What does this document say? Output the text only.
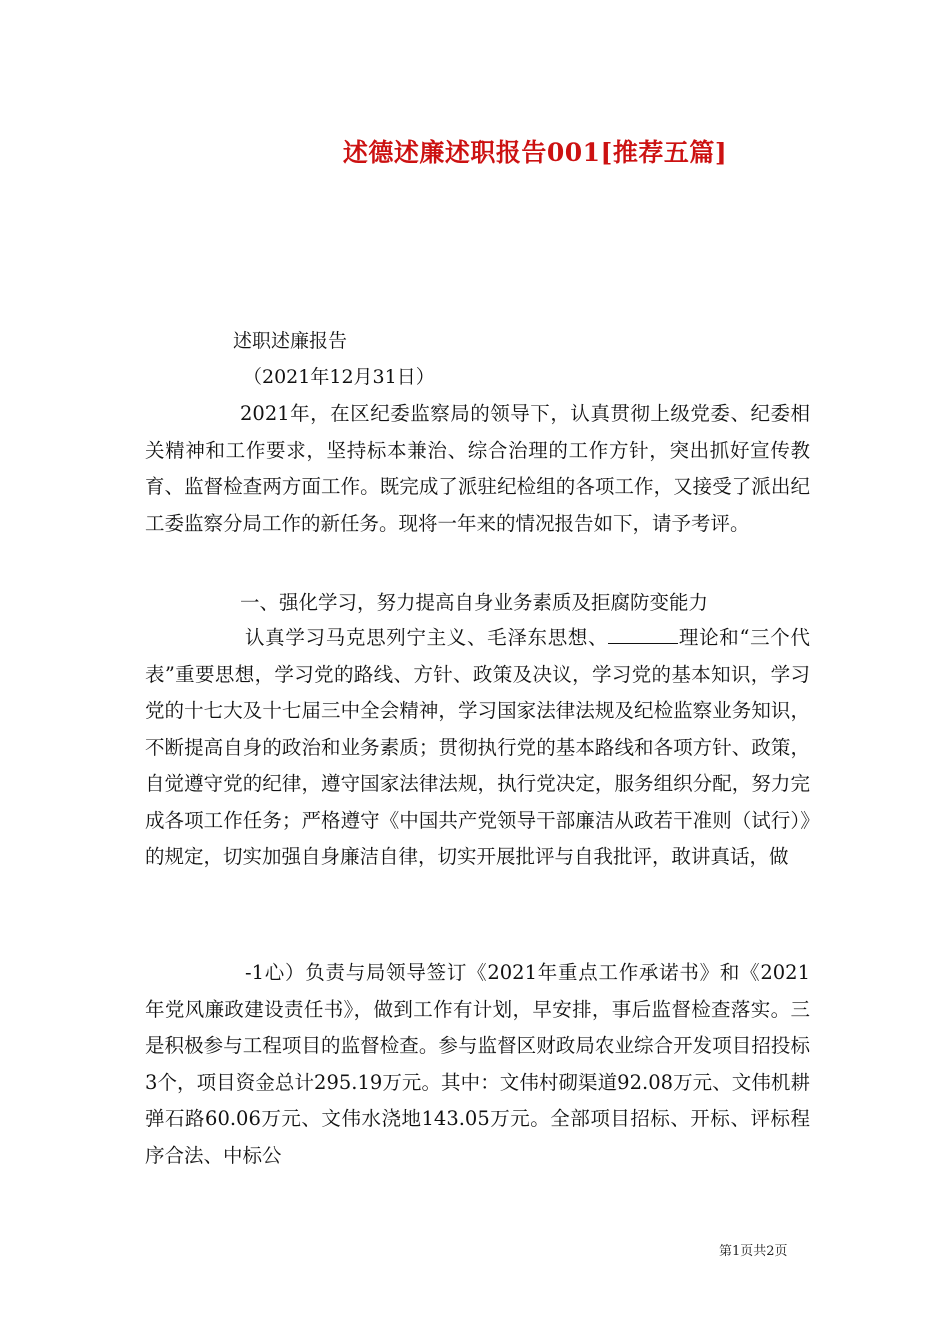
述德述廉述职报告001[推荐五篇]
述职述廉报告
（2021年12月31日）
2021年，在区纪委监察局的领导下，认真贯彻上级党委、纪委相关精神和工作要求，坚持标本兼治、综合治理的工作方针，突出抓好宣传教育、监督检查两方面工作。既完成了派驻纪检组的各项工作，又接受了派出纪工委监察分局工作的新任务。现将一年来的情况报告如下，请予考评。
一、强化学习，努力提高自身业务素质及拒腐防变能力
认真学习马克思列宁主义、毛泽东思想、	理论和“三个代表”重要思想，学习党的路线、方针、政策及决议，学习党的基本知识，学习党的十七大及十七届三中全会精神，学习国家法律法规及纪检监察业务知识，不断提高自身的政治和业务素质；贯彻执行党的基本路线和各项方针、政策，自觉遵守党的纪律，遵守国家法律法规，执行党决定，服务组织分配，努力完成各项工作任务；严格遵守《中国共产党领导干部廉洁从政若干准则（试行）》的规定，切实加强自身廉洁自律，切实开展批评与自我批评，敢讲真话，做
-1心）负责与局领导签订《2021年重点工作承诺书》和《2021年党风廉政建设责任书》，做到工作有计划，早安排，事后监督检查落实。三是积极参与工程项目的监督检查。参与监督区财政局农业综合开发项目招投标3个，项目资金总计295.19万元。其中：文伟村砌渠道92.08万元、文伟机耕弹石路60.06万元、文伟水浇地143.05万元。全部项目招标、开标、评标程序合法、中标公
第1页共2页
